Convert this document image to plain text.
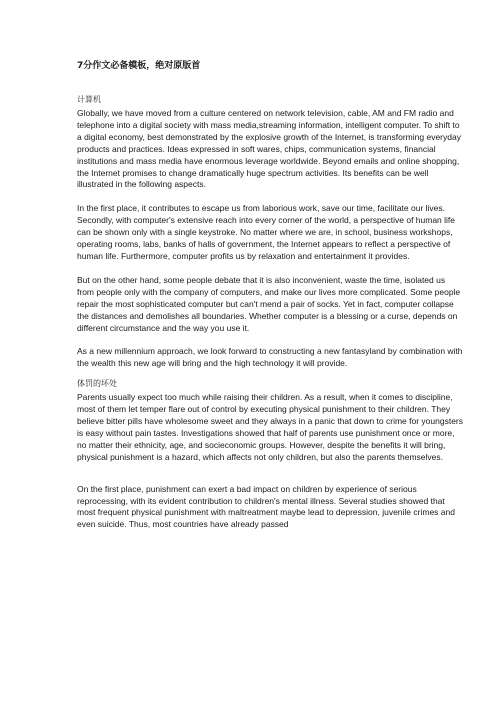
7分作文必备模板，绝对原版首
计算机

Globally, we have moved from a culture centered on network television, cable, AM and FM radio and telephone into a digital society with mass media,streaming information, intelligent computer. To shift to a digital economy, best demonstrated by the explosive growth of the Internet, is transforming everyday products and practices. Ideas expressed in soft wares, chips, communication systems, financial institutions and mass media have enormous leverage worldwide. Beyond emails and online shopping, the Internet promises to change dramatically huge spectrum activities. Its benefits can be well illustrated in the following aspects.

In the first place, it contributes to escape us from laborious work, save our time, facilitate our lives. Secondly, with computer's extensive reach into every corner of the world, a perspective of human life can be shown only with a single keystroke. No matter where we are, in school, business workshops, operating rooms, labs, banks of halls of government, the Internet appears to reflect a perspective of human life. Furthermore, computer profits us by relaxation and entertainment it provides.

But on the other hand, some people debate that it is also inconvenient, waste the time, isolated us from people only with the company of computers, and make our lives more complicated. Some people repair the most sophisticated computer but can't mend a pair of socks. Yet in fact, computer collapse the distances and demolishes all boundaries. Whether computer is a blessing or a curse, depends on different circumstance and the way you use it.

As a new millennium approach, we look forward to constructing a new fantasyland by combination with the wealth this new age will bring and the high technology it will provide.

体罚的坏处

Parents usually expect too much while raising their children. As a result, when it comes to discipline, most of them let temper flare out of control by executing physical punishment to their children. They believe bitter pills have wholesome sweet and they always in a panic that down to crime for youngsters is easy without pain tastes. Investigations showed that half of parents use punishment once or more, no matter their ethnicity, age, and socieconomic groups. However, despite the benefits it will bring, physical punishment is a hazard, which affects not only children, but also the parents themselves.

On the first place, punishment can exert a bad impact on children by experience of serious reprocessing, with its evident contribution to children's mental illness. Several studies showed that most frequent physical punishment with maltreatment maybe lead to depression, juvenile crimes and even suicide. Thus, most countries have already passed
